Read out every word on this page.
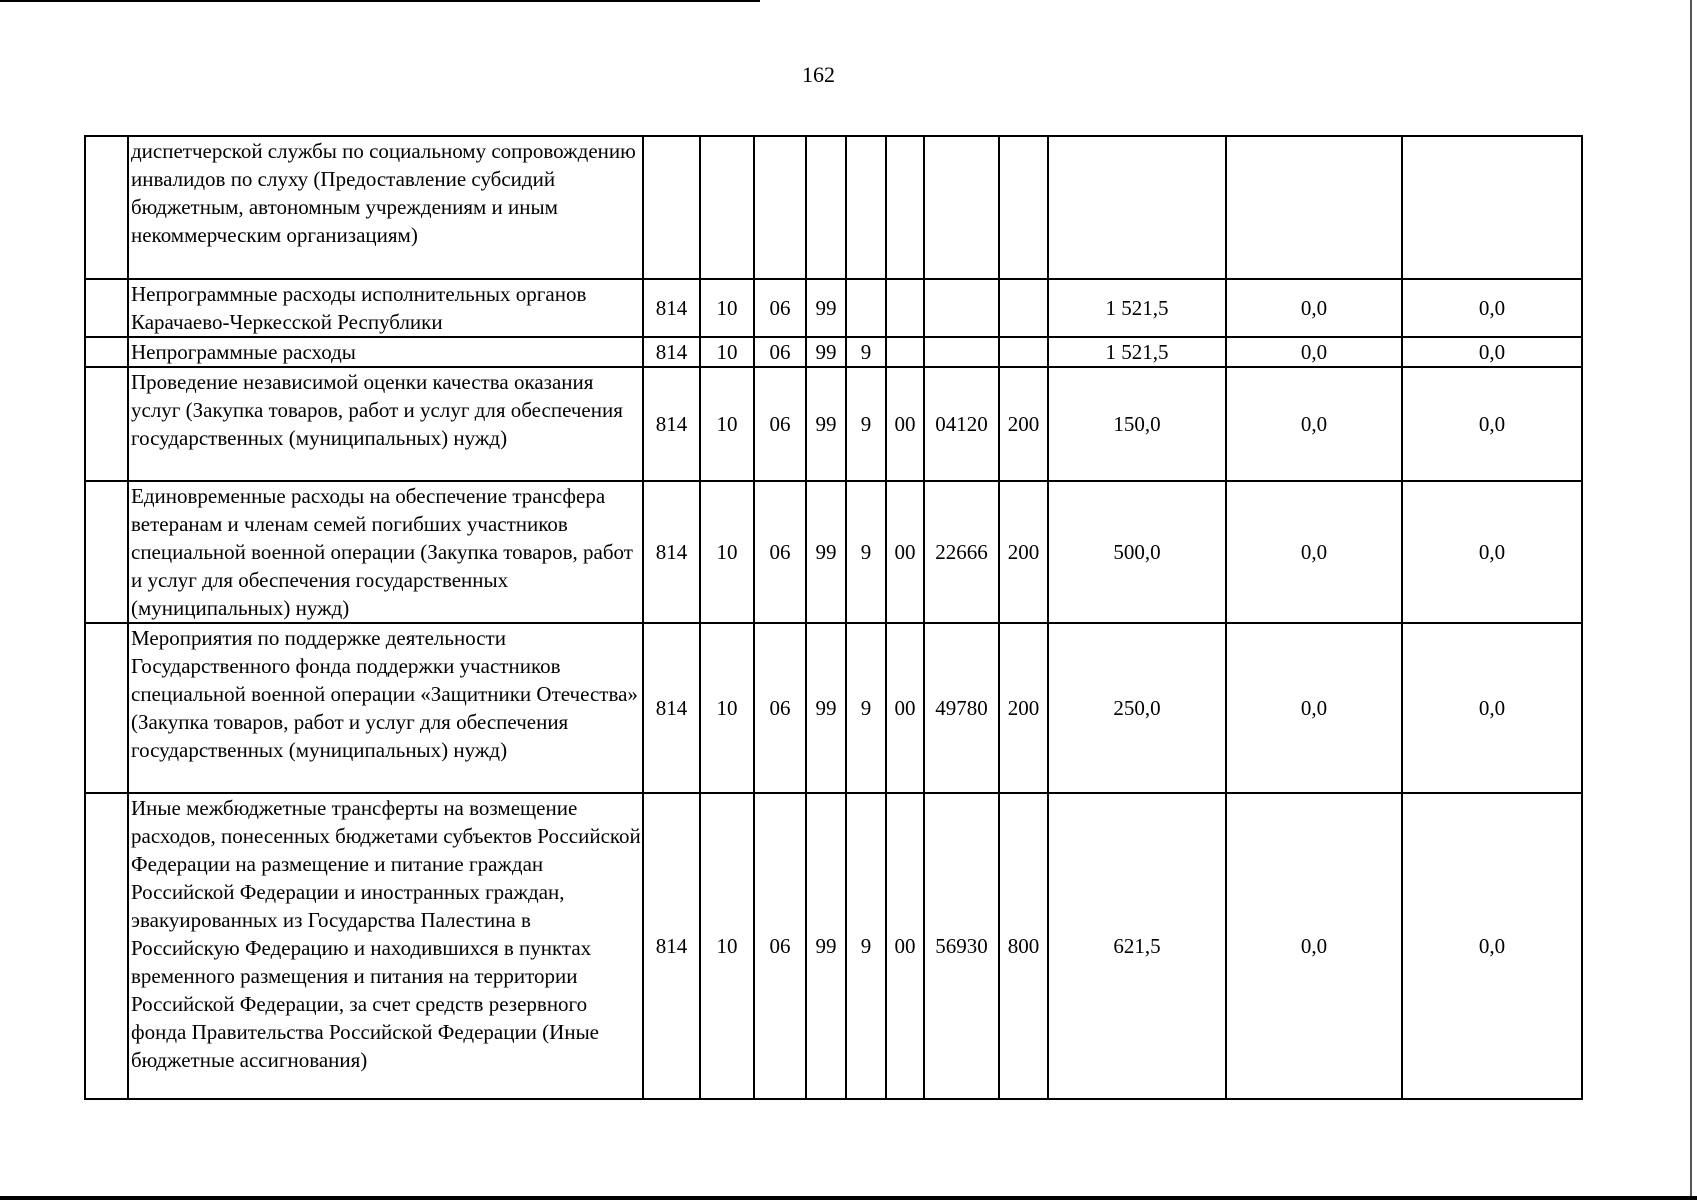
162
	диспетчерской службы по социальному сопровождению инвалидов по слуху (Предоставление субсидий бюджетным, автономным учреждениям и иным некоммерческим организациям)											
	Непрограммные расходы исполнительных органов Карачаево-Черкесской Республики	814	10	06	99					1 521,5	0,0	0,0
	Непрограммные расходы	814	10	06	99	9				1 521,5	0,0	0,0
	Проведение независимой оценки качества оказания услуг (Закупка товаров, работ и услуг для обеспечения государственных (муниципальных) нужд)	814	10	06	99	9	00	04120	200	150,0	0,0	0,0
	Единовременные расходы на обеспечение трансфера ветеранам и членам семей погибших участников специальной военной операции (Закупка товаров, работ и услуг для обеспечения государственных (муниципальных) нужд)	814	10	06	99	9	00	22666	200	500,0	0,0	0,0
	Мероприятия по поддержке деятельности Государственного фонда поддержки участников специальной военной операции «Защитники Отечества» (Закупка товаров, работ и услуг для обеспечения государственных (муниципальных) нужд)	814	10	06	99	9	00	49780	200	250,0	0,0	0,0
	Иные межбюджетные трансферты на возмещение расходов, понесенных бюджетами субъектов Российской Федерации на размещение и питание граждан Российской Федерации и иностранных граждан, эвакуированных из Государства Палестина в Российскую Федерацию и находившихся в пунктах временного размещения и питания на территории Российской Федерации, за счет средств резервного фонда Правительства Российской Федерации (Иные бюджетные ассигнования)	814	10	06	99	9	00	56930	800	621,5	0,0	0,0
